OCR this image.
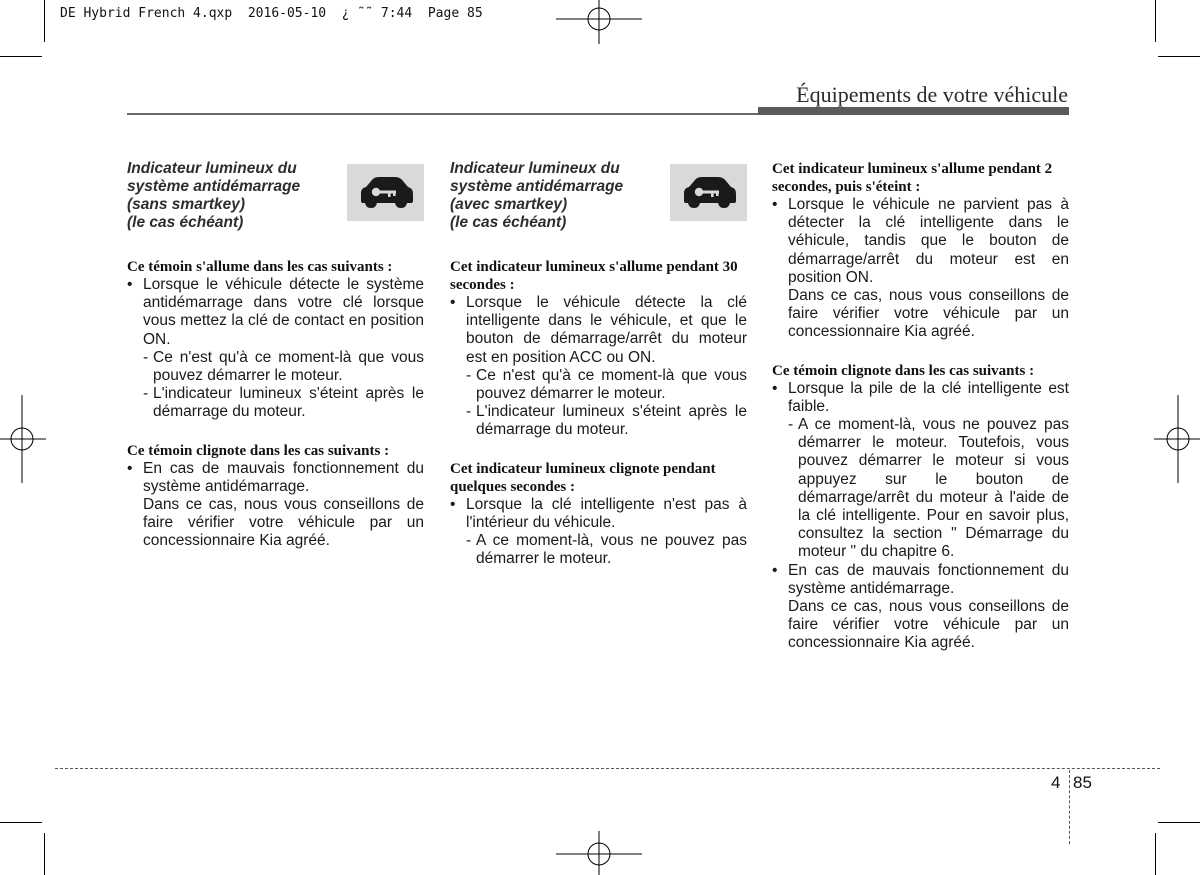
DE Hybrid French 4.qxp  2016-05-10  ¿ ˜˜ 7:44  Page 85
Équipements de votre véhicule
Indicateur lumineux du
système antidémarrage
(sans smartkey)
(le cas échéant)

Ce témoin s'allume dans les cas suivants :

• Lorsque le véhicule détecte le système antidémarrage dans votre clé lorsque vous mettez la clé de contact en position ON.

- Ce n'est qu'à ce moment-là que vous pouvez démarrer le moteur.

- L'indicateur lumineux s'éteint après le démarrage du moteur.

Ce témoin clignote dans les cas suivants :

• En cas de mauvais fonctionnement du système antidémarrage.

Dans ce cas, nous vous conseillons de faire vérifier votre véhicule par un concessionnaire Kia agréé.

Indicateur lumineux du
système antidémarrage
(avec smartkey)
(le cas échéant)

Cet indicateur lumineux s'allume pendant 30 secondes :

• Lorsque le véhicule détecte la clé intelligente dans le véhicule, et que le bouton de démarrage/arrêt du moteur est en position ACC ou ON.

- Ce n'est qu'à ce moment-là que vous pouvez démarrer le moteur.

- L'indicateur lumineux s'éteint après le démarrage du moteur.

Cet indicateur lumineux clignote pendant quelques secondes :

• Lorsque la clé intelligente n'est pas à l'intérieur du véhicule.

- A ce moment-là, vous ne pouvez pas démarrer le moteur.

Cet indicateur lumineux s'allume pendant 2 secondes, puis s'éteint :

• Lorsque le véhicule ne parvient pas à détecter la clé intelligente dans le véhicule, tandis que le bouton de démarrage/arrêt du moteur est en position ON.

Dans ce cas, nous vous conseillons de faire vérifier votre véhicule par un concessionnaire Kia agréé.

Ce témoin clignote dans les cas suivants :

• Lorsque la pile de la clé intelligente est faible.

- A ce moment-là, vous ne pouvez pas démarrer le moteur. Toutefois, vous pouvez démarrer le moteur si vous appuyez sur le bouton de démarrage/arrêt du moteur à l'aide de la clé intelligente. Pour en savoir plus, consultez la section " Démarrage du moteur " du chapitre 6.

• En cas de mauvais fonctionnement du système antidémarrage.

Dans ce cas, nous vous conseillons de faire vérifier votre véhicule par un concessionnaire Kia agréé.

4 85
